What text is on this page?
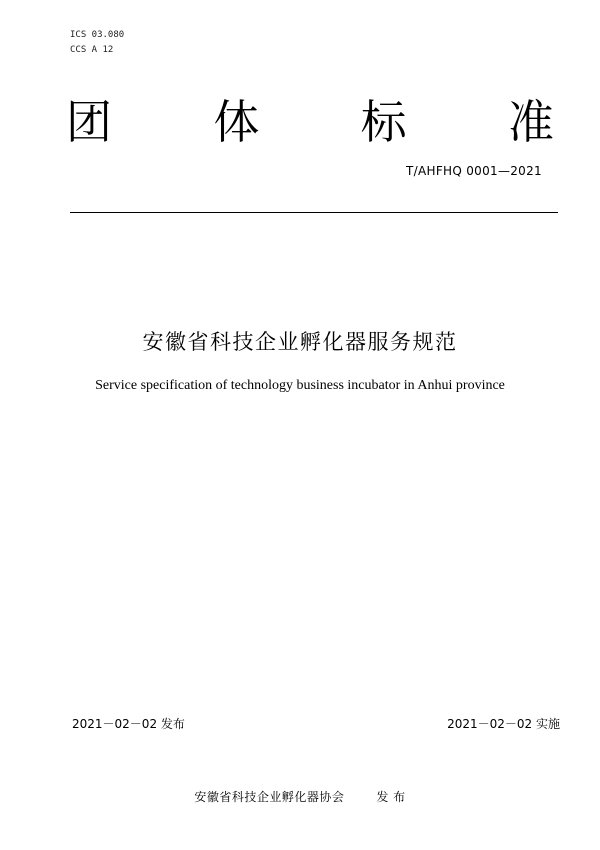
ICS 03.080
CCS A 12
团 体 标 准
T/AHFHQ 0001—2021
安徽省科技企业孵化器服务规范
Service specification of technology business incubator in Anhui province
2021－02－02 发布	2021－02－02 实施
安徽省科技企业孵化器协会	发 布
